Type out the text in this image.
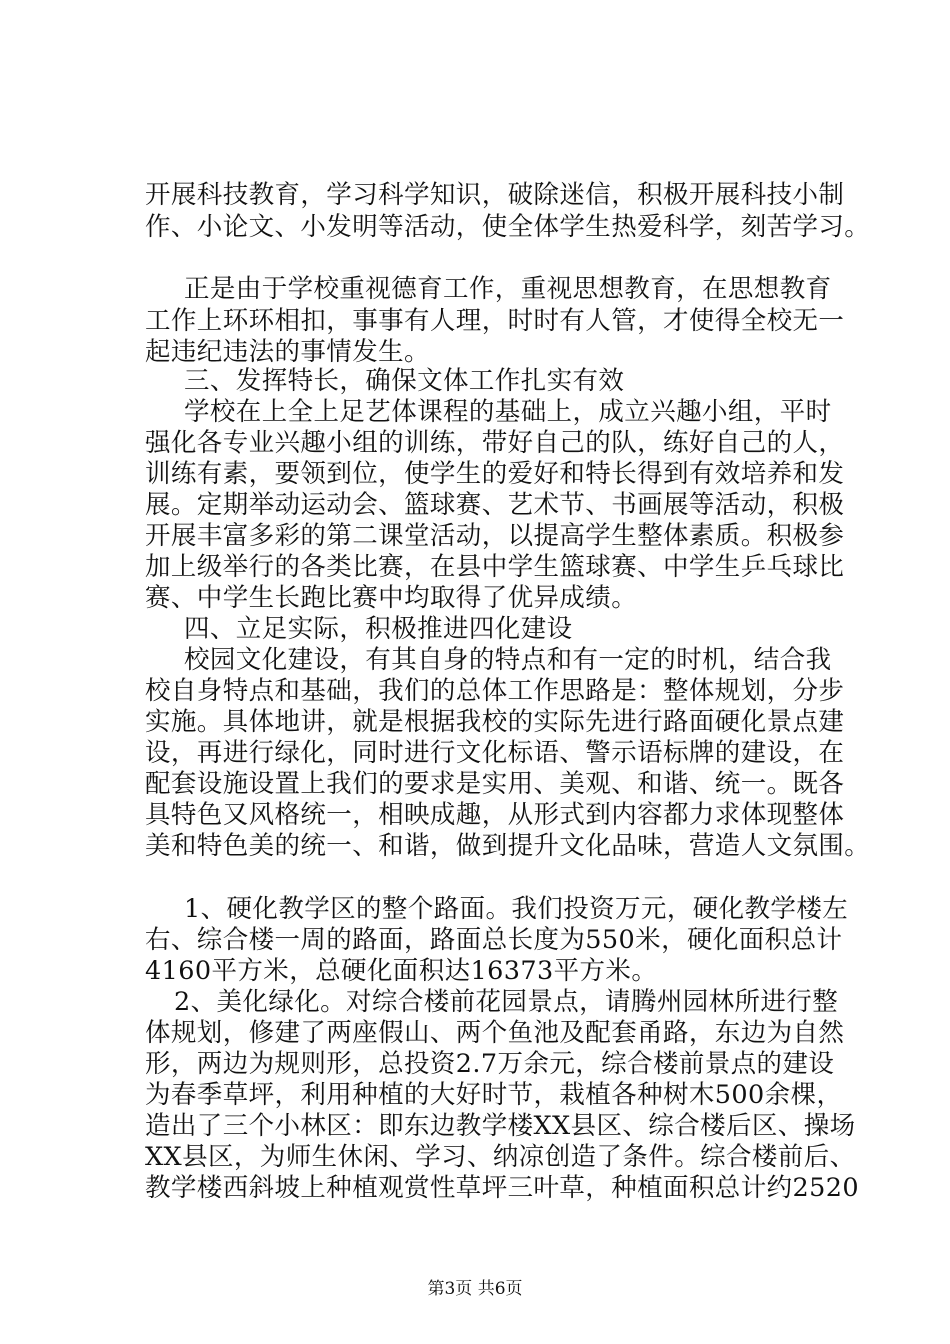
开展科技教育，学习科学知识，破除迷信，积极开展科技小制
作、小论文、小发明等活动，使全体学生热爱科学，刻苦学习。
正是由于学校重视德育工作，重视思想教育，在思想教育
工作上环环相扣，事事有人理，时时有人管，才使得全校无一
起违纪违法的事情发生。
三、发挥特长，确保文体工作扎实有效
学校在上全上足艺体课程的基础上，成立兴趣小组，平时
强化各专业兴趣小组的训练，带好自己的队，练好自己的人，
训练有素，要领到位，使学生的爱好和特长得到有效培养和发
展。定期举动运动会、篮球赛、艺术节、书画展等活动，积极
开展丰富多彩的第二课堂活动，以提高学生整体素质。积极参
加上级举行的各类比赛，在县中学生篮球赛、中学生乒乓球比
赛、中学生长跑比赛中均取得了优异成绩。
四、立足实际，积极推进四化建设
校园文化建设，有其自身的特点和有一定的时机，结合我
校自身特点和基础，我们的总体工作思路是：整体规划，分步
实施。具体地讲，就是根据我校的实际先进行路面硬化景点建
设，再进行绿化，同时进行文化标语、警示语标牌的建设，在
配套设施设置上我们的要求是实用、美观、和谐、统一。既各
具特色又风格统一，相映成趣，从形式到内容都力求体现整体
美和特色美的统一、和谐，做到提升文化品味，营造人文氛围。
1、硬化教学区的整个路面。我们投资万元，硬化教学楼左
右、综合楼一周的路面，路面总长度为550米，硬化面积总计
4160平方米，总硬化面积达16373平方米。
2、美化绿化。对综合楼前花园景点，请腾州园林所进行整
体规划，修建了两座假山、两个鱼池及配套甬路，东边为自然
形，两边为规则形，总投资2.7万余元，综合楼前景点的建设
为春季草坪，利用种植的大好时节，栽植各种树木500余棵，
造出了三个小林区：即东边教学楼XX县区、综合楼后区、操场
XX县区，为师生休闲、学习、纳凉创造了条件。综合楼前后、
教学楼西斜坡上种植观赏性草坪三叶草，种植面积总计约2520
第3页 共6页
